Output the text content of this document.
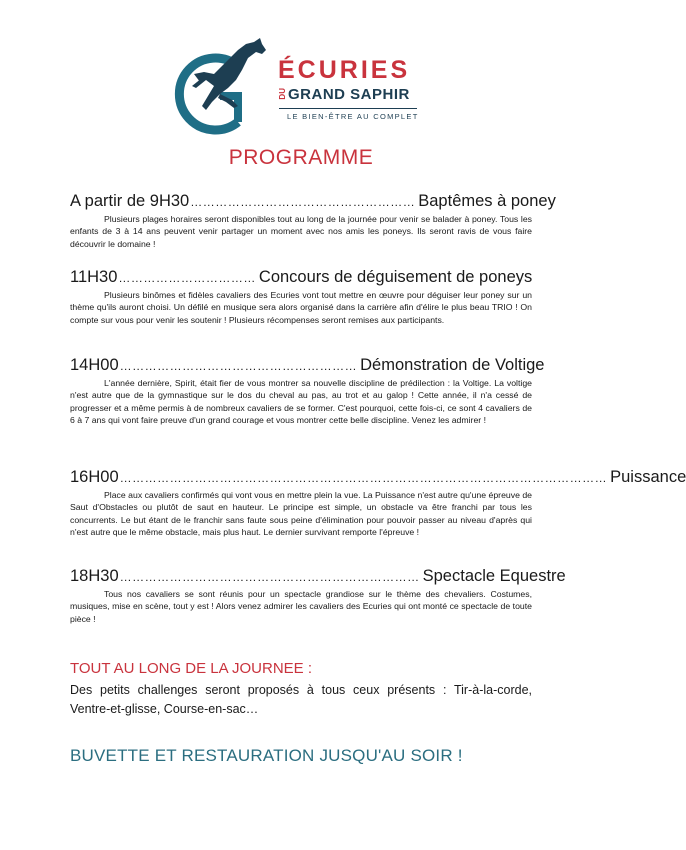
ÉCURIES
DU GRAND SAPHIR
LE BIEN-ÊTRE AU COMPLET
PROGRAMME
A partir de 9H30 ……………………………………………… Baptêmes à poney

Plusieurs plages horaires seront disponibles tout au long de la journée pour venir se balader à poney. Tous les enfants de 3 à 14 ans peuvent venir partager un moment avec nos amis les poneys. Ils seront ravis de vous faire découvrir le domaine !

11H30 …………………………… Concours de déguisement de poneys

Plusieurs binômes et fidèles cavaliers des Ecuries vont tout mettre en œuvre pour déguiser leur poney sur un thème qu'ils auront choisi. Un défilé en musique sera alors organisé dans la carrière afin d'élire le plus beau TRIO ! On compte sur vous pour venir les soutenir ! Plusieurs récompenses seront remises aux participants.

14H00 ………………………………………………… Démonstration de Voltige

L'année dernière, Spirit, était fier de vous montrer sa nouvelle discipline de prédilection : la Voltige. La voltige n'est autre que de la gymnastique sur le dos du cheval au pas, au trot et au galop ! Cette année, il n'a cessé de progresser et a même permis à de nombreux cavaliers de se former. C'est pourquoi, cette fois-ci, ce sont 4 cavaliers de 6 à 7 ans qui vont faire preuve d'un grand courage et vous montrer cette belle discipline. Venez les admirer !

16H00 ……………………………………………………………………………………………………… Puissance

Place aux cavaliers confirmés qui vont vous en mettre plein la vue. La Puissance n'est autre qu'une épreuve de Saut d'Obstacles ou plutôt de saut en hauteur. Le principe est simple, un obstacle va être franchi par tous les concurrents. Le but étant de le franchir sans faute sous peine d'élimination pour pouvoir passer au niveau d'après qui n'est autre que le même obstacle, mais plus haut. Le dernier survivant remporte l'épreuve !

18H30 ……………………………………………………………… Spectacle Equestre

Tous nos cavaliers se sont réunis pour un spectacle grandiose sur le thème des chevaliers. Costumes, musiques, mise en scène, tout y est ! Alors venez admirer les cavaliers des Ecuries qui ont monté ce spectacle de toute pièce !

TOUT AU LONG DE LA JOURNEE :
Des petits challenges seront proposés à tous ceux présents : Tir-à-la-corde, Ventre-et-glisse, Course-en-sac…
BUVETTE ET RESTAURATION JUSQU'AU SOIR !
